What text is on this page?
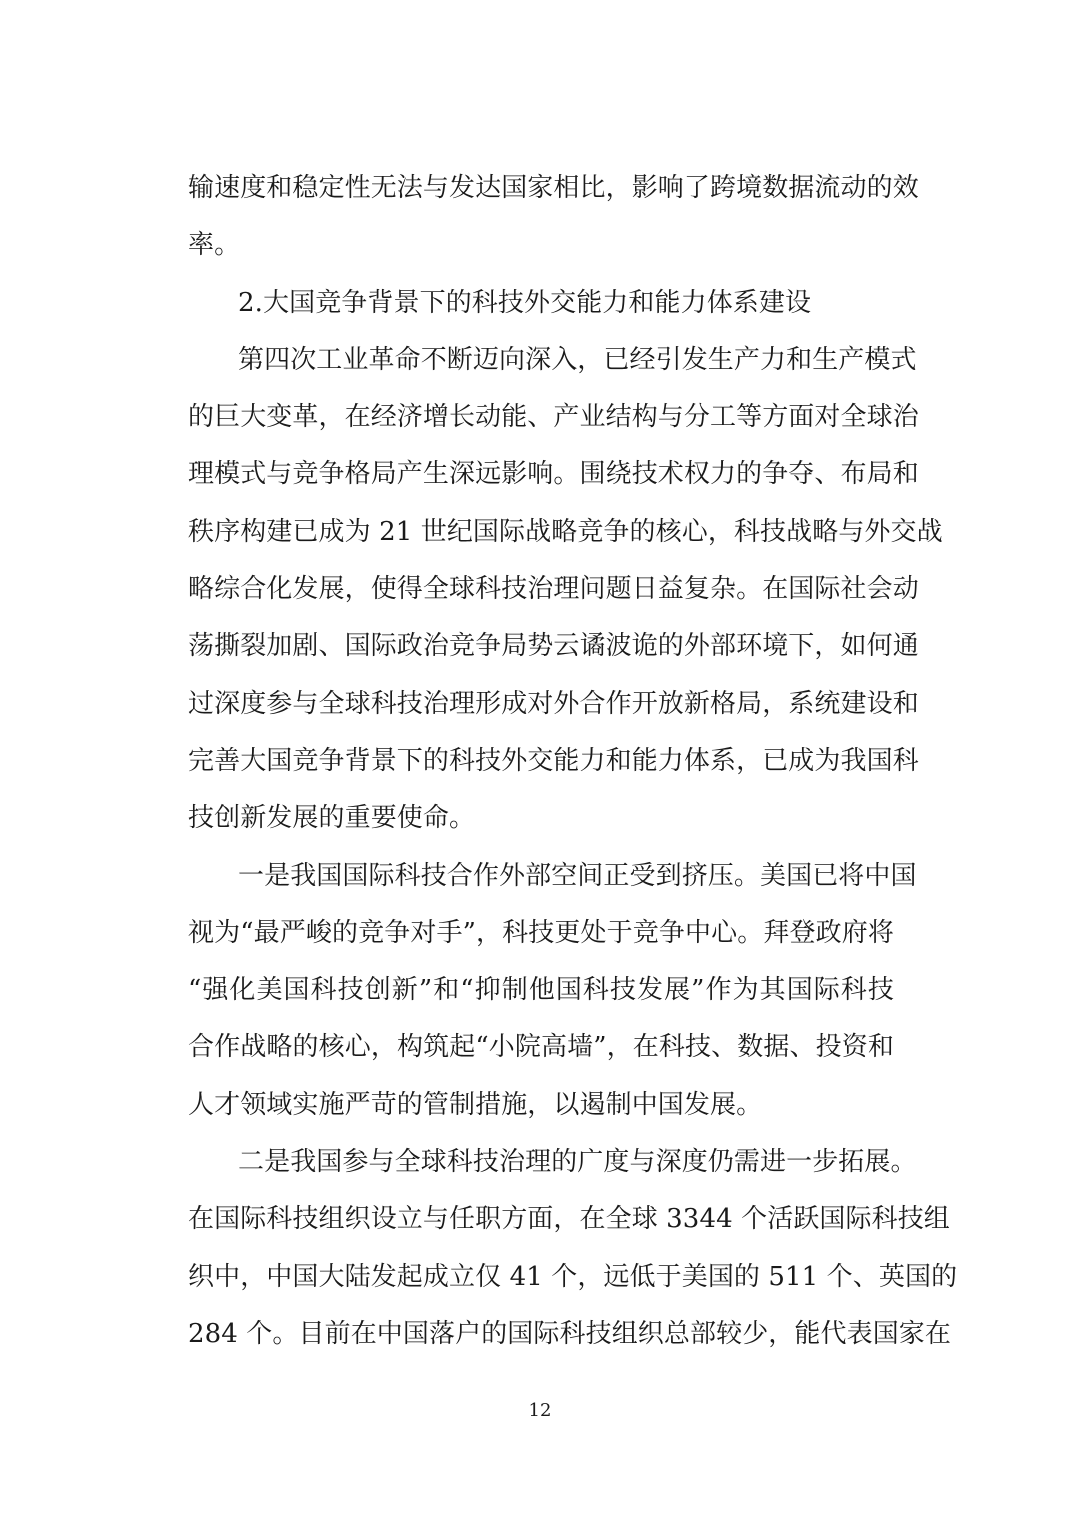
输速度和稳定性无法与发达国家相比，影响了跨境数据流动的效
率。
2.大国竞争背景下的科技外交能力和能力体系建设
第四次工业革命不断迈向深入，已经引发生产力和生产模式
的巨大变革，在经济增长动能、产业结构与分工等方面对全球治
理模式与竞争格局产生深远影响。围绕技术权力的争夺、布局和
秩序构建已成为 21 世纪国际战略竞争的核心，科技战略与外交战
略综合化发展，使得全球科技治理问题日益复杂。在国际社会动
荡撕裂加剧、国际政治竞争局势云谲波诡的外部环境下，如何通
过深度参与全球科技治理形成对外合作开放新格局，系统建设和
完善大国竞争背景下的科技外交能力和能力体系，已成为我国科
技创新发展的重要使命。
一是我国国际科技合作外部空间正受到挤压。美国已将中国
视为“最严峻的竞争对手”，科技更处于竞争中心。拜登政府将
“强化美国科技创新”和“抑制他国科技发展”作为其国际科技
合作战略的核心，构筑起“小院高墙”，在科技、数据、投资和
人才领域实施严苛的管制措施，以遏制中国发展。
二是我国参与全球科技治理的广度与深度仍需进一步拓展。
在国际科技组织设立与任职方面，在全球 3344 个活跃国际科技组
织中，中国大陆发起成立仅 41 个，远低于美国的 511 个、英国的
284 个。目前在中国落户的国际科技组织总部较少，能代表国家在
12
